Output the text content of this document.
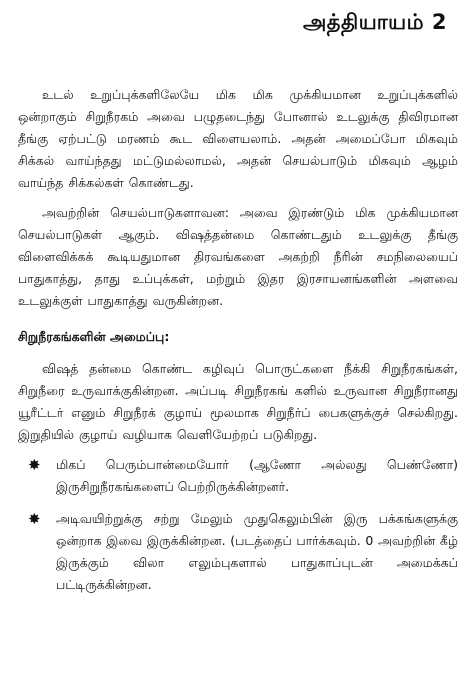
அத்தியாயம் 2

உடல் உறுப்புக்களிலேயே மிக மிக முக்கியமான உறுப்புக்களில் ஒன்றாகும் சிறுநீரகம் அவை பழுதடைந்து போனால் உடலுக்கு திவிரமான தீங்கு ஏற்பட்டு மரணம் கூட விளையலாம். அதன் அமைப்போ மிகவும் சிக்கல் வாய்ந்தது மட்டுமல்லாமல், அதன் செயல்பாடும் மிகவும் ஆழம் வாய்ந்த சிக்கல்கள் கொண்டது.

அவற்றின் செயல்பாடுகளாவன: அவை இரண்டும் மிக முக்கியமான செயல்பாடுகள் ஆகும். விஷத்தன்மை கொண்டதும் உடலுக்கு தீங்கு விளைவிக்கக் கூடியதுமான திரவங்களை அகற்றி நீரின் சமநிலையைப் பாதுகாத்து, தாது உப்புக்கள், மற்றும் இதர இரசாயனங்களின் அளவை உடலுக்குள் பாதுகாத்து வருகின்றன.

சிறுநீரகங்களின் அமைப்பு:

விஷத் தன்மை கொண்ட கழிவுப் பொருட்களை நீக்கி சிறுநீரகங்கள், சிறுநீரை உருவாக்குகின்றன. அப்படி சிறுநீரகங் களில் உருவான சிறுநீரானது யூரீட்டர் எனும் சிறுநீரக் குழாய் மூலமாக சிறுநீர்ப் பைகளுக்குச் செல்கிறது. இறுதியில் குழாய் வழியாக வெளியேற்றப் படுகிறது.

✸ மிகப் பெரும்பான்மையோர் (ஆணோ அல்லது பெண்ணோ) இருசிறுநீரகங்களைப் பெற்றிருக்கின்றனர்.
✸ அடிவயிற்றுக்கு சற்று மேலும் முதுகெலும்பின் இரு பக்கங்களுக்கு ஒன்றாக இவை இருக்கின்றன. (படத்தைப் பார்க்கவும். 0 அவற்றின் கீழ் இருக்கும் விலா எலும்புகளால் பாதுகாப்புடன் அமைக்கப் பட்டிருக்கின்றன.
